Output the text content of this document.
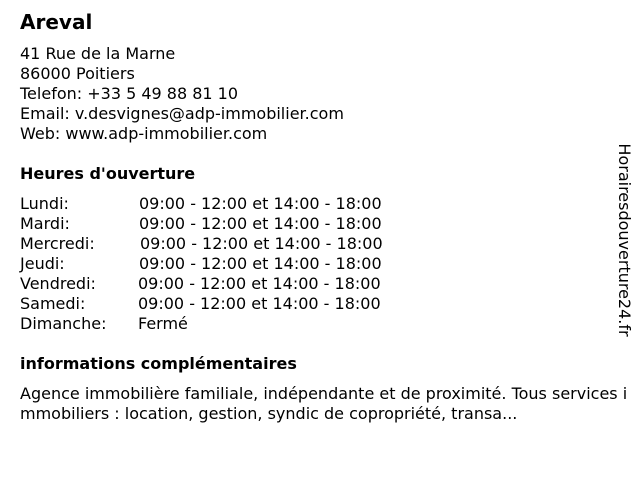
Areval
41 Rue de la Marne
86000 Poitiers
Telefon: +33 5 49 88 81 10
Email: v.desvignes@adp-immobilier.com
Web: www.adp-immobilier.com
Heures d'ouverture
Lundi:	09:00 - 12:00 et 14:00 - 18:00
Mardi:	09:00 - 12:00 et 14:00 - 18:00
Mercredi:	09:00 - 12:00 et 14:00 - 18:00
Jeudi:	09:00 - 12:00 et 14:00 - 18:00
Vendredi:	09:00 - 12:00 et 14:00 - 18:00
Samedi:	09:00 - 12:00 et 14:00 - 18:00
Dimanche: Fermé
informations complémentaires
Agence immobilière familiale, indépendante et de proximité. Tous services immobiliers : location, gestion, syndic de copropriété, transa...
Horairesdouverture24.fr
